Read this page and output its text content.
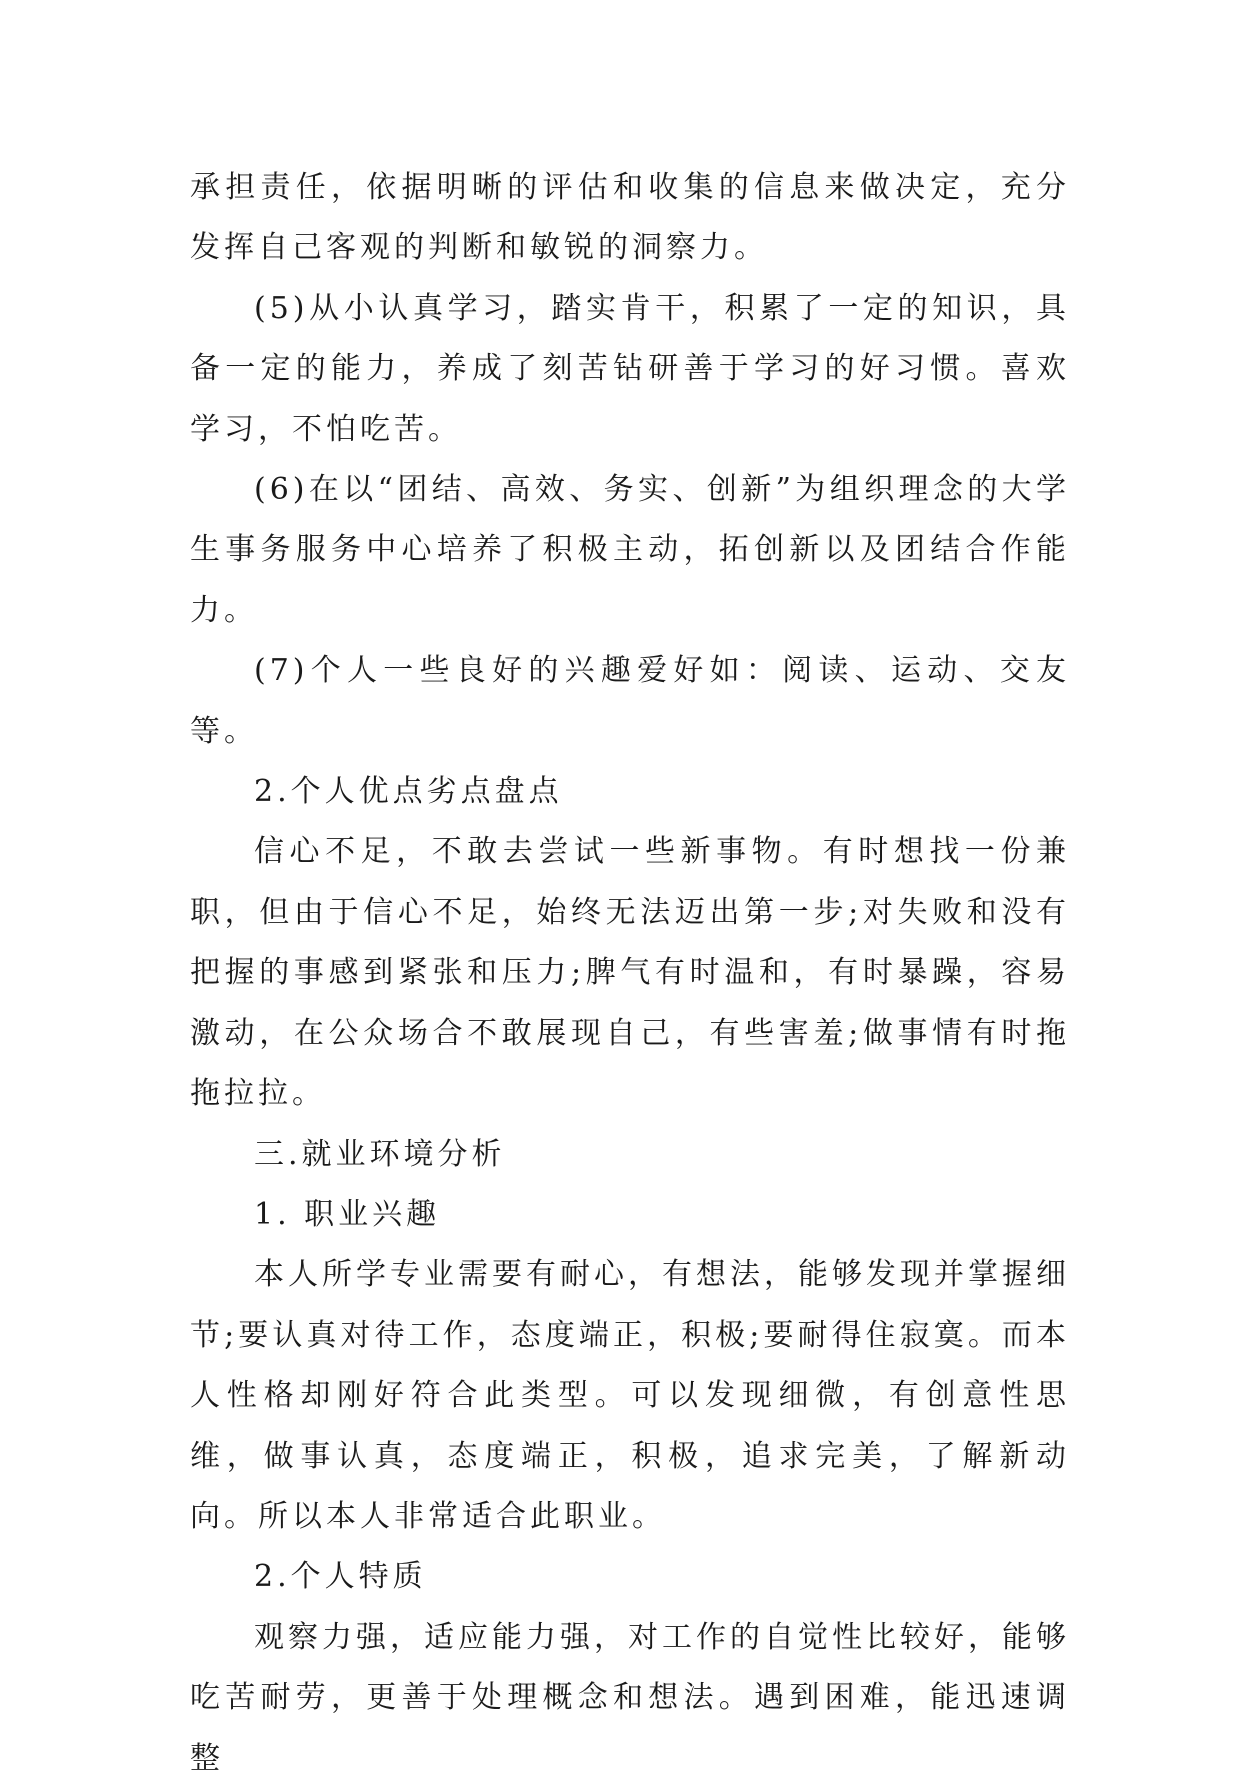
承担责任，依据明晰的评估和收集的信息来做决定，充分发挥自己客观的判断和敏锐的洞察力。

(5)从小认真学习，踏实肯干，积累了一定的知识，具备一定的能力，养成了刻苦钻研善于学习的好习惯。喜欢学习，不怕吃苦。

(6)在以“团结、高效、务实、创新”为组织理念的大学生事务服务中心培养了积极主动，拓创新以及团结合作能力。

(7)个人一些良好的兴趣爱好如：阅读、运动、交友等。

2.个人优点劣点盘点

信心不足，不敢去尝试一些新事物。有时想找一份兼职，但由于信心不足，始终无法迈出第一步;对失败和没有把握的事感到紧张和压力;脾气有时温和，有时暴躁，容易激动，在公众场合不敢展现自己，有些害羞;做事情有时拖拖拉拉。

三.就业环境分析

1. 职业兴趣

本人所学专业需要有耐心，有想法，能够发现并掌握细节;要认真对待工作，态度端正，积极;要耐得住寂寞。而本人性格却刚好符合此类型。可以发现细微，有创意性思维，做事认真，态度端正，积极，追求完美，了解新动向。所以本人非常适合此职业。

2.个人特质

观察力强，适应能力强，对工作的自觉性比较好，能够吃苦耐劳，更善于处理概念和想法。遇到困难，能迅速调整
